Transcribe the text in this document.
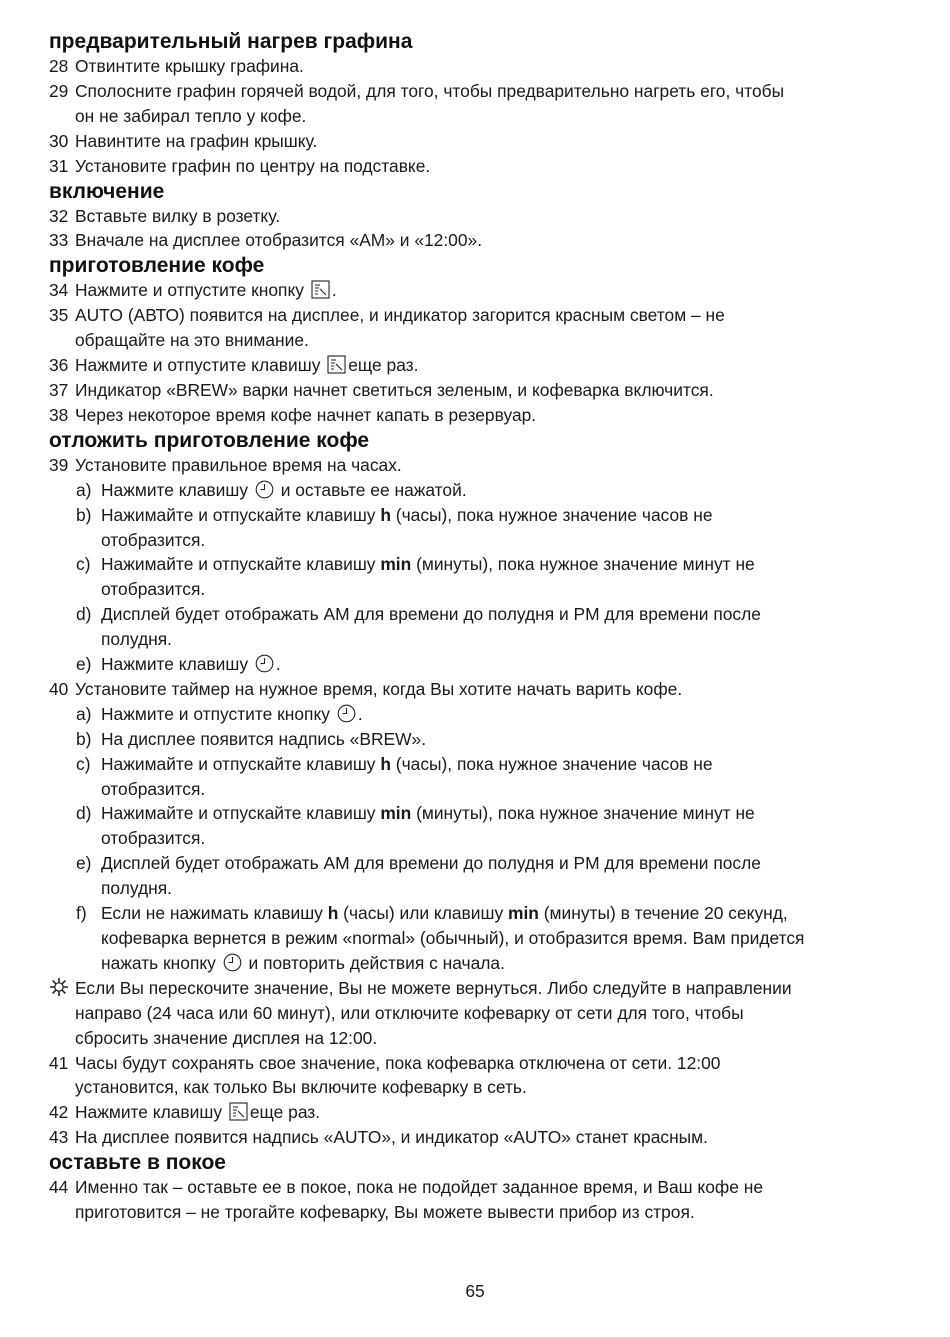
предварительный нагрев графина
28 Отвинтите крышку графина.
29 Сполосните графин горячей водой, для того, чтобы предварительно нагреть его, чтобы
он не забирал тепло у кофе.
30 Навинтите на графин крышку.
31 Установите графин по центру на подставке.
включение
32 Вставьте вилку в розетку.
33 Вначале на дисплее отобразится «AM» и «12:00».
приготовление кофе
34 Нажмите и отпустите кнопку .
35 AUTO (АВТО) появится на дисплее, и индикатор загорится красным светом – не
обращайте на это внимание.
36 Нажмите и отпустите клавишу еще раз.
37 Индикатор «BREW» варки начнет светиться зеленым, и кофеварка включится.
38 Через некоторое время кофе начнет капать в резервуар.
отложить приготовление кофе
39 Установите правильное время на часах.
a) Нажмите клавишу и оставьте ее нажатой.
b) Нажимайте и отпускайте клавишу h (часы), пока нужное значение часов не
отобразится.
c) Нажимайте и отпускайте клавишу min (минуты), пока нужное значение минут не
отобразится.
d) Дисплей будет отображать AM для времени до полудня и PM для времени после
полудня.
e) Нажмите клавишу .
40 Установите таймер на нужное время, когда Вы хотите начать варить кофе.
a) Нажмите и отпустите кнопку .
b) На дисплее появится надпись «BREW».
c) Нажимайте и отпускайте клавишу h (часы), пока нужное значение часов не
отобразится.
d) Нажимайте и отпускайте клавишу min (минуты), пока нужное значение минут не
отобразится.
e) Дисплей будет отображать AM для времени до полудня и PM для времени после
полудня.
f) Если не нажимать клавишу h (часы) или клавишу min (минуты) в течение 20 секунд,
кофеварка вернется в режим «normal» (обычный), и отобразится время. Вам придется
нажать кнопку и повторить действия с начала.
Если Вы перескочите значение, Вы не можете вернуться. Либо следуйте в направлении
направо (24 часа или 60 минут), или отключите кофеварку от сети для того, чтобы
сбросить значение дисплея на 12:00.
41 Часы будут сохранять свое значение, пока кофеварка отключена от сети. 12:00
установится, как только Вы включите кофеварку в сеть.
42 Нажмите клавишу еще раз.
43 На дисплее появится надпись «AUTO», и индикатор «AUTO» станет красным.
оставьте в покое
44 Именно так – оставьте ее в покое, пока не подойдет заданное время, и Ваш кофе не
приготовится – не трогайте кофеварку, Вы можете вывести прибор из строя.
65
